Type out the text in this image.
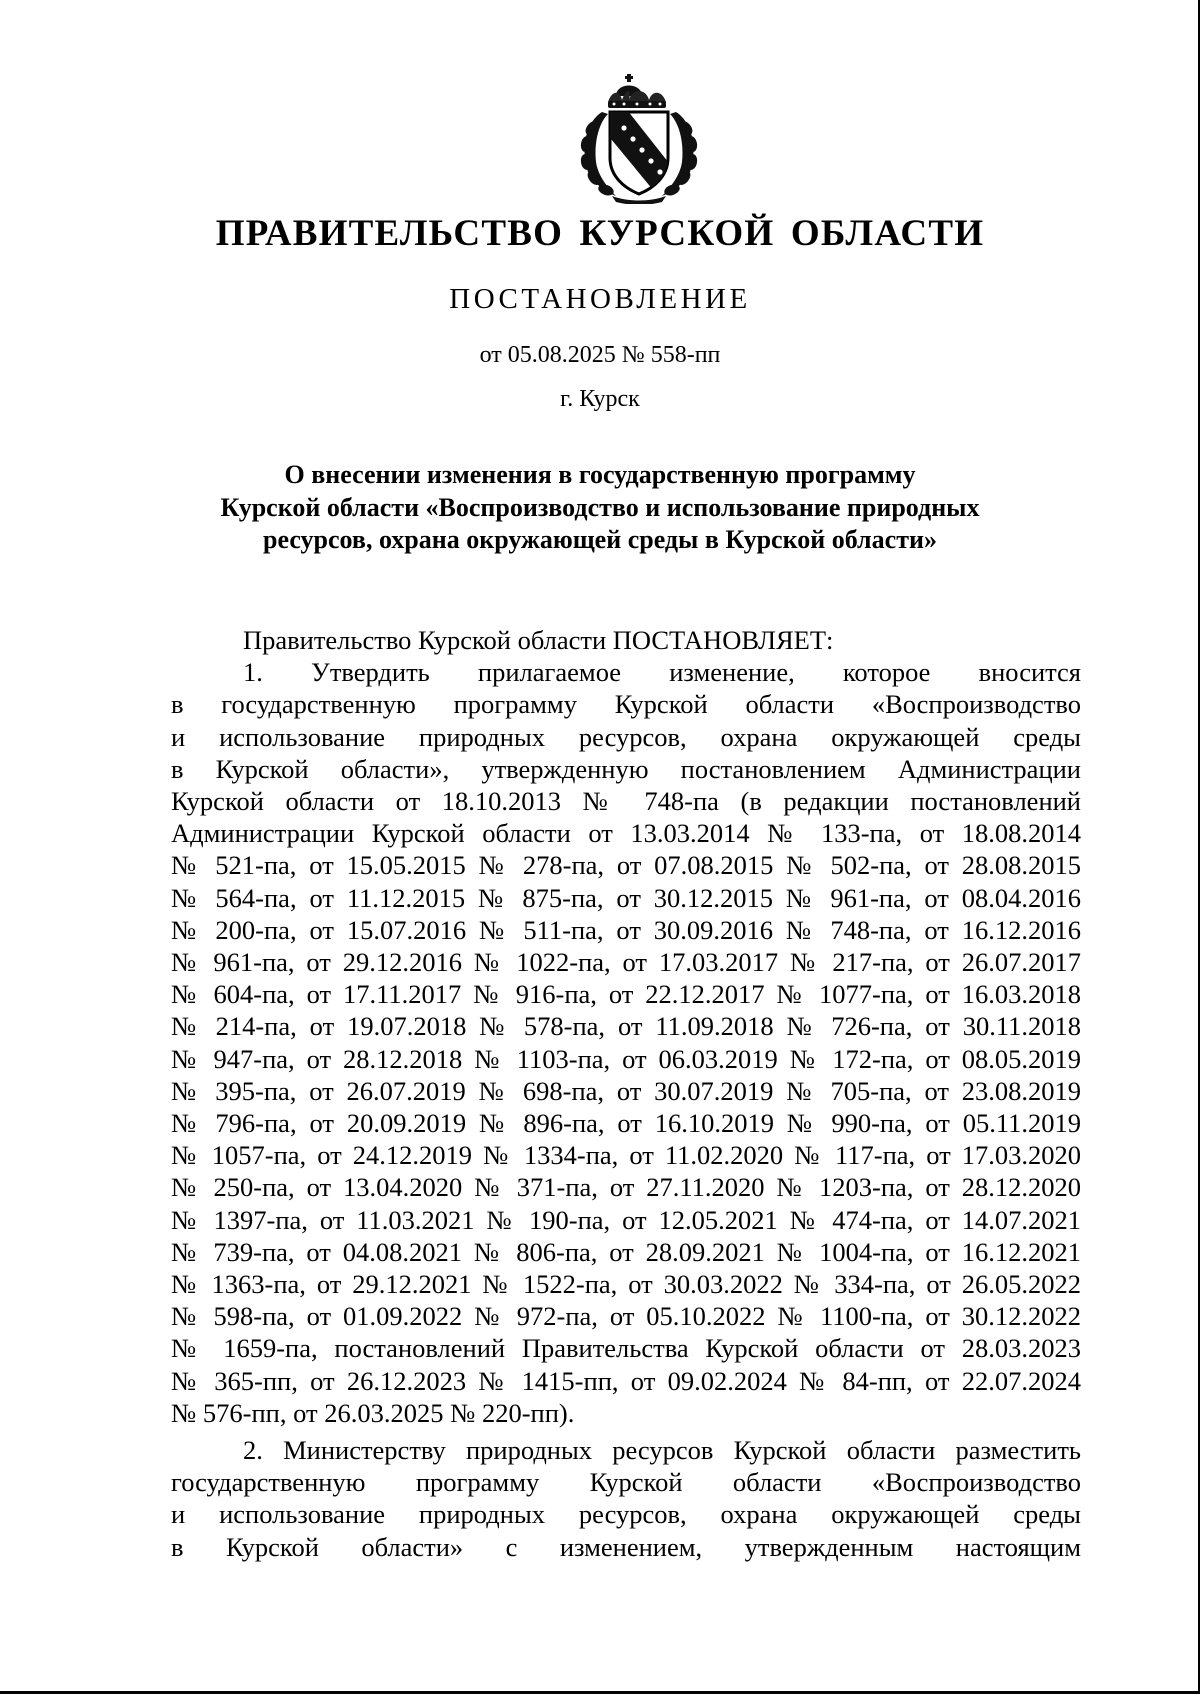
ПРАВИТЕЛЬСТВО КУРСКОЙ ОБЛАСТИ
ПОСТАНОВЛЕНИЕ
от 05.08.2025 № 558-пп
г. Курск
О внесении изменения в государственную программу
Курской области «Воспроизводство и использование природных
ресурсов, охрана окружающей среды в Курской области»
Правительство Курской области ПОСТАНОВЛЯЕТ:
1. Утвердить прилагаемое изменение, которое вносится
в государственную программу Курской области «Воспроизводство
и использование природных ресурсов, охрана окружающей среды
в Курской области», утвержденную постановлением Администрации
Курской области от 18.10.2013 № 748-па (в редакции постановлений
Администрации Курской области от 13.03.2014 № 133-па, от 18.08.2014
№ 521-па, от 15.05.2015 № 278-па, от 07.08.2015 № 502-па, от 28.08.2015
№ 564-па, от 11.12.2015 № 875-па, от 30.12.2015 № 961-па, от 08.04.2016
№ 200-па, от 15.07.2016 № 511-па, от 30.09.2016 № 748-па, от 16.12.2016
№ 961-па, от 29.12.2016 № 1022-па, от 17.03.2017 № 217-па, от 26.07.2017
№ 604-па, от 17.11.2017 № 916-па, от 22.12.2017 № 1077-па, от 16.03.2018
№ 214-па, от 19.07.2018 № 578-па, от 11.09.2018 № 726-па, от 30.11.2018
№ 947-па, от 28.12.2018 № 1103-па, от 06.03.2019 № 172-па, от 08.05.2019
№ 395-па, от 26.07.2019 № 698-па, от 30.07.2019 № 705-па, от 23.08.2019
№ 796-па, от 20.09.2019 № 896-па, от 16.10.2019 № 990-па, от 05.11.2019
№ 1057-па, от 24.12.2019 № 1334-па, от 11.02.2020 № 117-па, от 17.03.2020
№ 250-па, от 13.04.2020 № 371-па, от 27.11.2020 № 1203-па, от 28.12.2020
№ 1397-па, от 11.03.2021 № 190-па, от 12.05.2021 № 474-па, от 14.07.2021
№ 739-па, от 04.08.2021 № 806-па, от 28.09.2021 № 1004-па, от 16.12.2021
№ 1363-па, от 29.12.2021 № 1522-па, от 30.03.2022 № 334-па, от 26.05.2022
№ 598-па, от 01.09.2022 № 972-па, от 05.10.2022 № 1100-па, от 30.12.2022
№ 1659-па, постановлений Правительства Курской области от 28.03.2023
№ 365-пп, от 26.12.2023 № 1415-пп, от 09.02.2024 № 84-пп, от 22.07.2024
№ 576-пп, от 26.03.2025 № 220-пп).
2. Министерству природных ресурсов Курской области разместить
государственную программу Курской области «Воспроизводство
и использование природных ресурсов, охрана окружающей среды
в Курской области» с изменением, утвержденным настоящим
